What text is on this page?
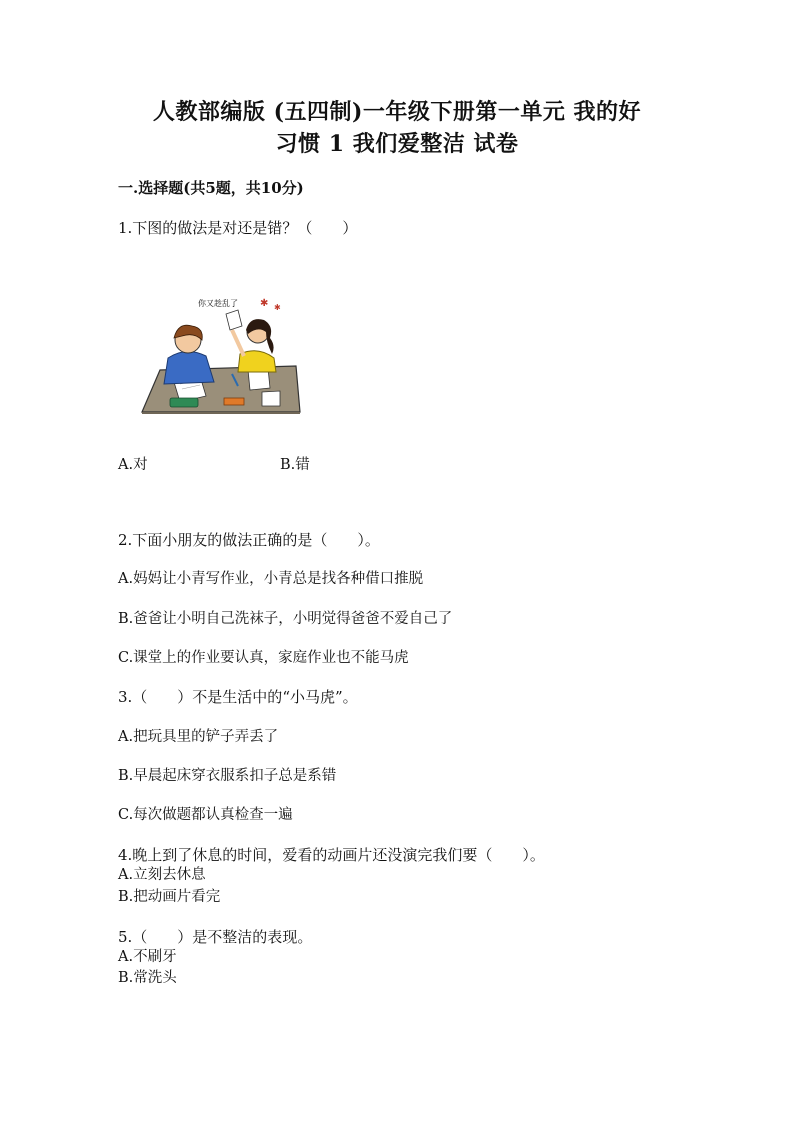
人教部编版 (五四制)一年级下册第一单元 我的好
习惯 1 我们爱整洁 试卷
一.选择题(共5题，共10分)
1.下图的做法是对还是错？（　　）
✱ ✱
你又趁乱了
A.对	B.错
2.下面小朋友的做法正确的是（　　）。
A.妈妈让小青写作业，小青总是找各种借口推脱
B.爸爸让小明自己洗袜子，小明觉得爸爸不爱自己了
C.课堂上的作业要认真，家庭作业也不能马虎
3.（　　）不是生活中的“小马虎”。
A.把玩具里的铲子弄丢了
B.早晨起床穿衣服系扣子总是系错
C.每次做题都认真检查一遍
4.晚上到了休息的时间，爱看的动画片还没演完我们要（　　）。
A.立刻去休息
B.把动画片看完
5.（　　）是不整洁的表现。
A.不刷牙
B.常洗头
